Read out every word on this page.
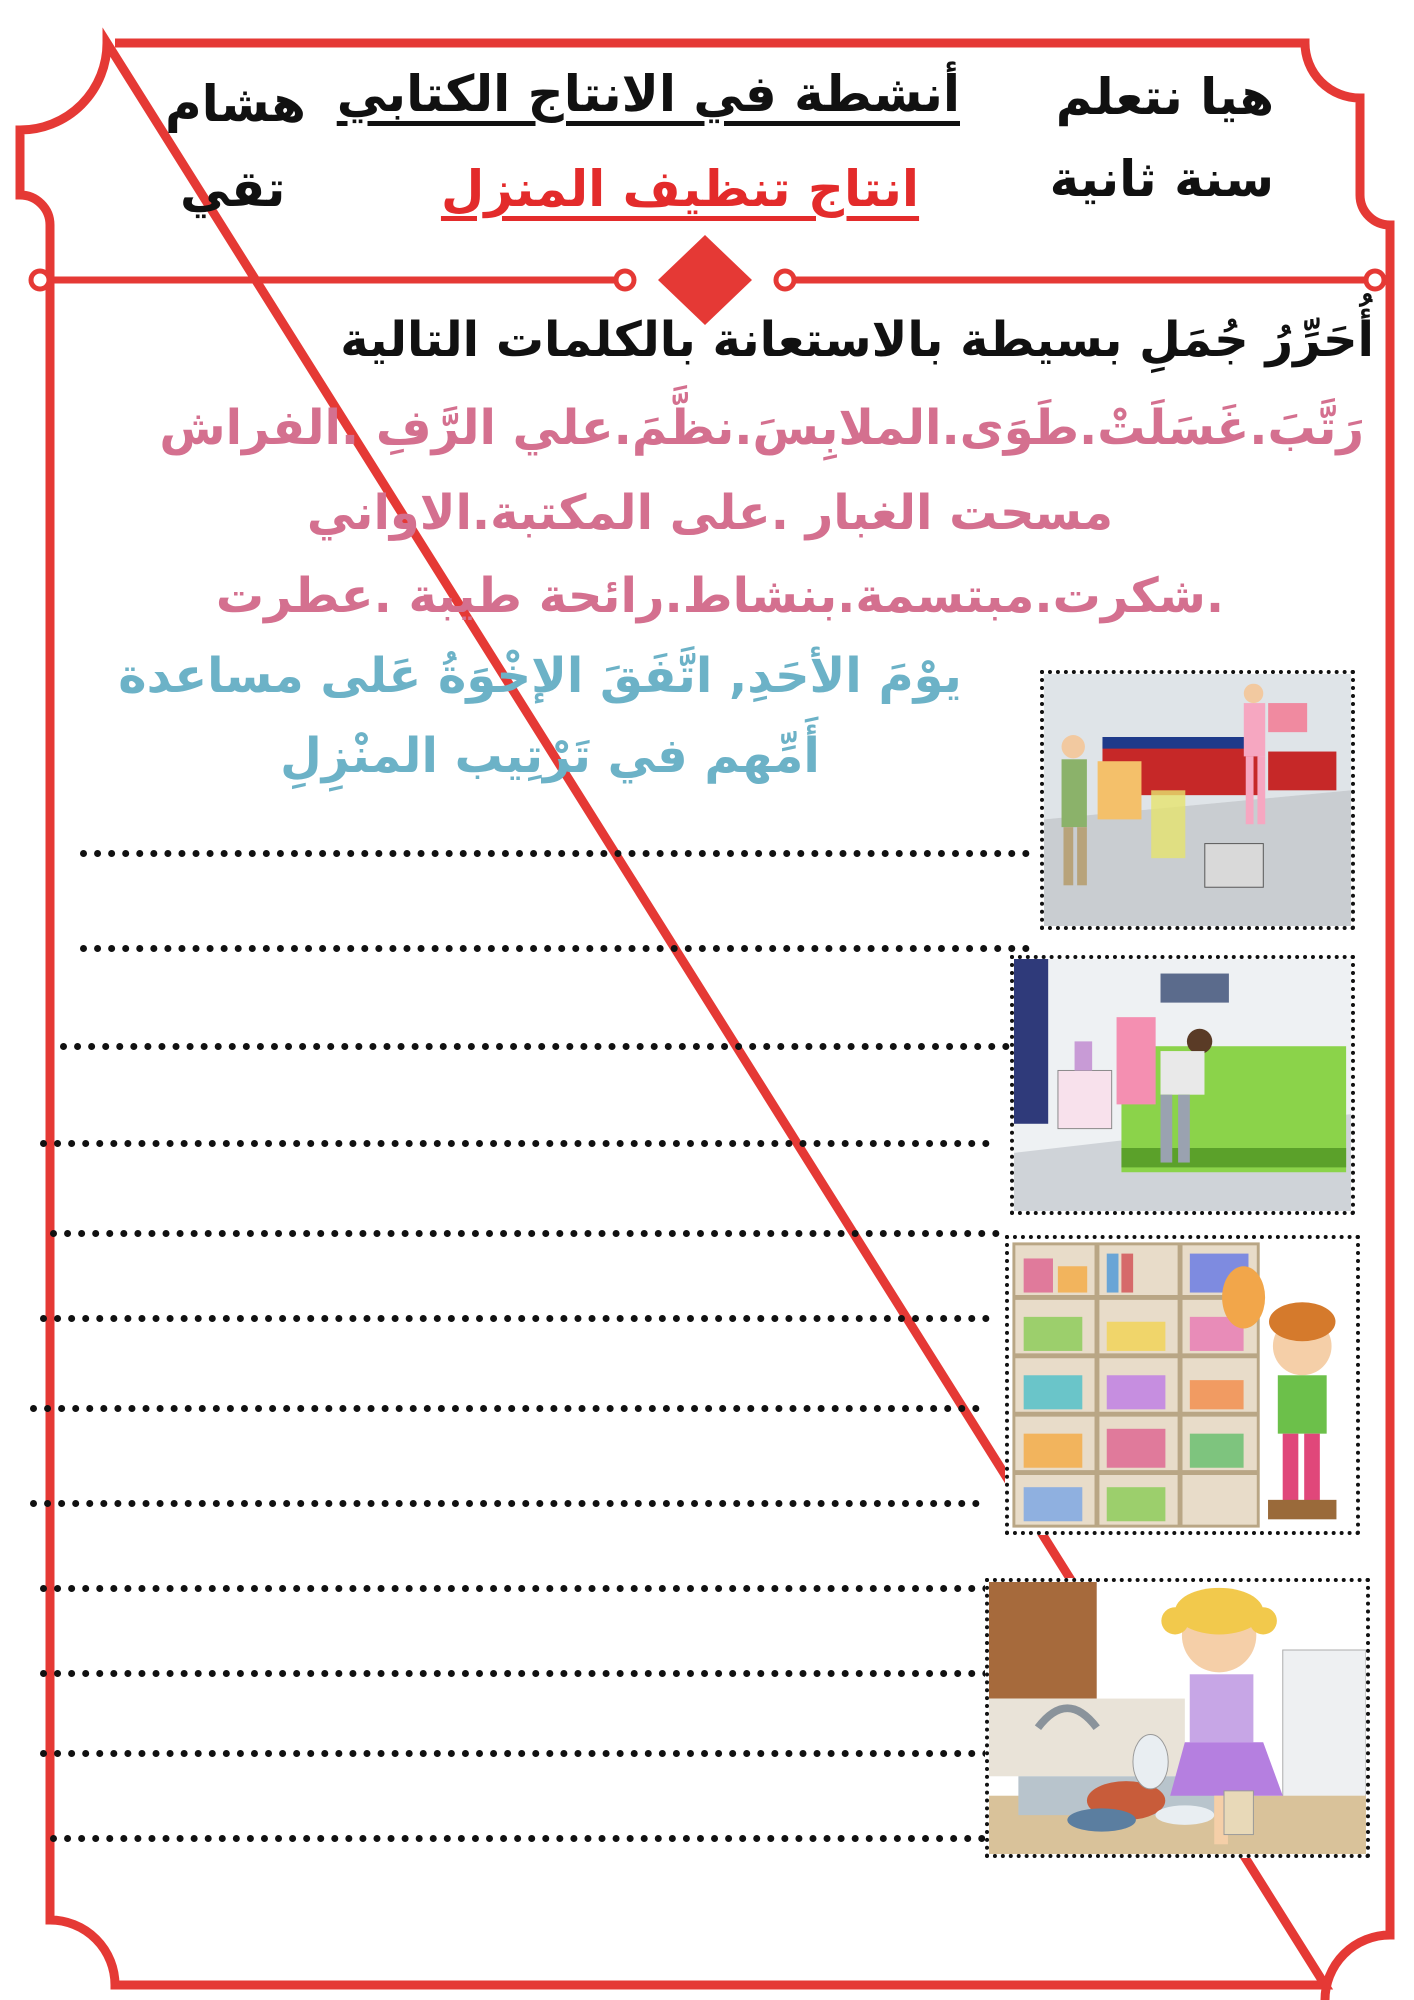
هيا نتعلم
سنة ثانية
أنشطة في الانتاج الكتابي
انتاج تنظيف المنزل
هشام
تقي
أُحَرِّرُ جُمَلِ بسيطة بالاستعانة بالكلمات التالية
رَتَّبَ.غَسَلَتْ.طَوَى.الملابِسَ.نظَّمَ.علي الرَّفِ .الفراش
مسحت الغبار .على المكتبة.الاواني
.شكرت.مبتسمة.بنشاط.رائحة طيبة .عطرت
يوْمَ الأحَدِ, اتَّفَقَ الإخْوَةُ عَلى مساعدة
أَمِّهم في تَرْتِيب المنْزِلِ
